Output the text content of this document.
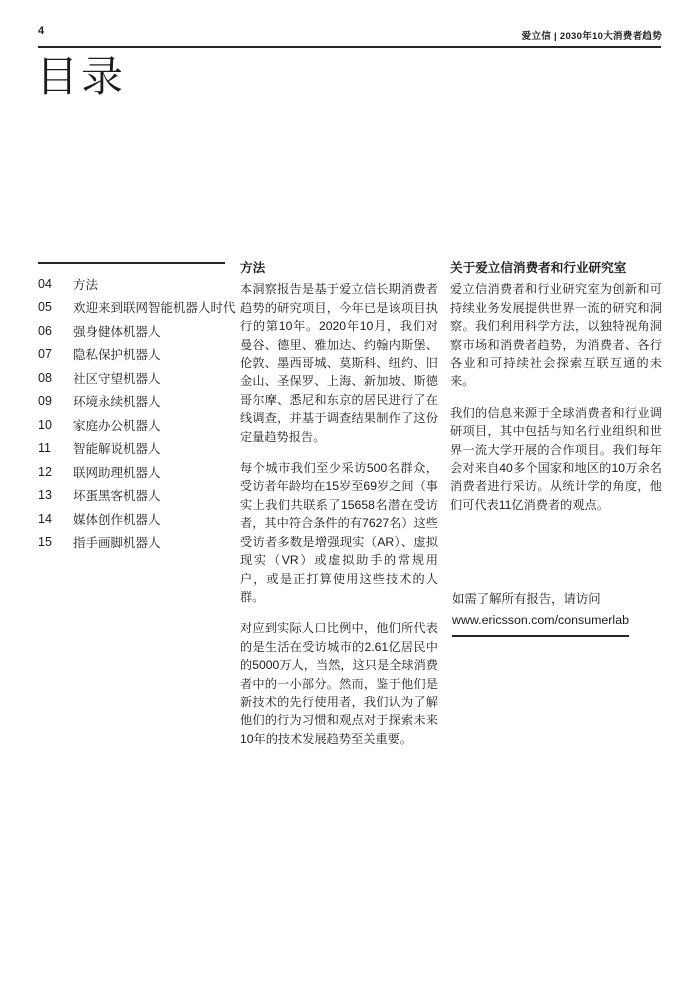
4	爱立信 | 2030年10大消费者趋势
目录
04	方法
05	欢迎来到联网智能机器人时代
06	强身健体机器人
07	隐私保护机器人
08	社区守望机器人
09	环境永续机器人
10	家庭办公机器人
11	智能解说机器人
12	联网助理机器人
13	坏蛋黑客机器人
14	媒体创作机器人
15	指手画脚机器人
方法

本洞察报告是基于爱立信长期消费者趋势的研究项目，今年已是该项目执行的第10年。2020年10月，我们对曼谷、德里、雅加达、约翰内斯堡、伦敦、墨西哥城、莫斯科、纽约、旧金山、圣保罗、上海、新加坡、斯德哥尔摩、悉尼和东京的居民进行了在线调查，并基于调查结果制作了这份定量趋势报告。

每个城市我们至少采访500名群众，受访者年龄均在15岁至69岁之间（事实上我们共联系了15658名潜在受访者，其中符合条件的有7627名）这些受访者多数是增强现实（AR）、虚拟现实（VR）或虚拟助手的常规用户，或是正打算使用这些技术的人群。

对应到实际人口比例中，他们所代表的是生活在受访城市的2.61亿居民中的5000万人，当然，这只是全球消费者中的一小部分。然而，鉴于他们是新技术的先行使用者，我们认为了解他们的行为习惯和观点对于探索未来10年的技术发展趋势至关重要。

关于爱立信消费者和行业研究室

爱立信消费者和行业研究室为创新和可持续业务发展提供世界一流的研究和洞察。我们利用科学方法，以独特视角洞察市场和消费者趋势，为消费者、各行各业和可持续社会探索互联互通的未来。

我们的信息来源于全球消费者和行业调研项目，其中包括与知名行业组织和世界一流大学开展的合作项目。我们每年会对来自40多个国家和地区的10万余名消费者进行采访。从统计学的角度，他们可代表11亿消费者的观点。

如需了解所有报告，请访问
www.ericsson.com/consumerlab
